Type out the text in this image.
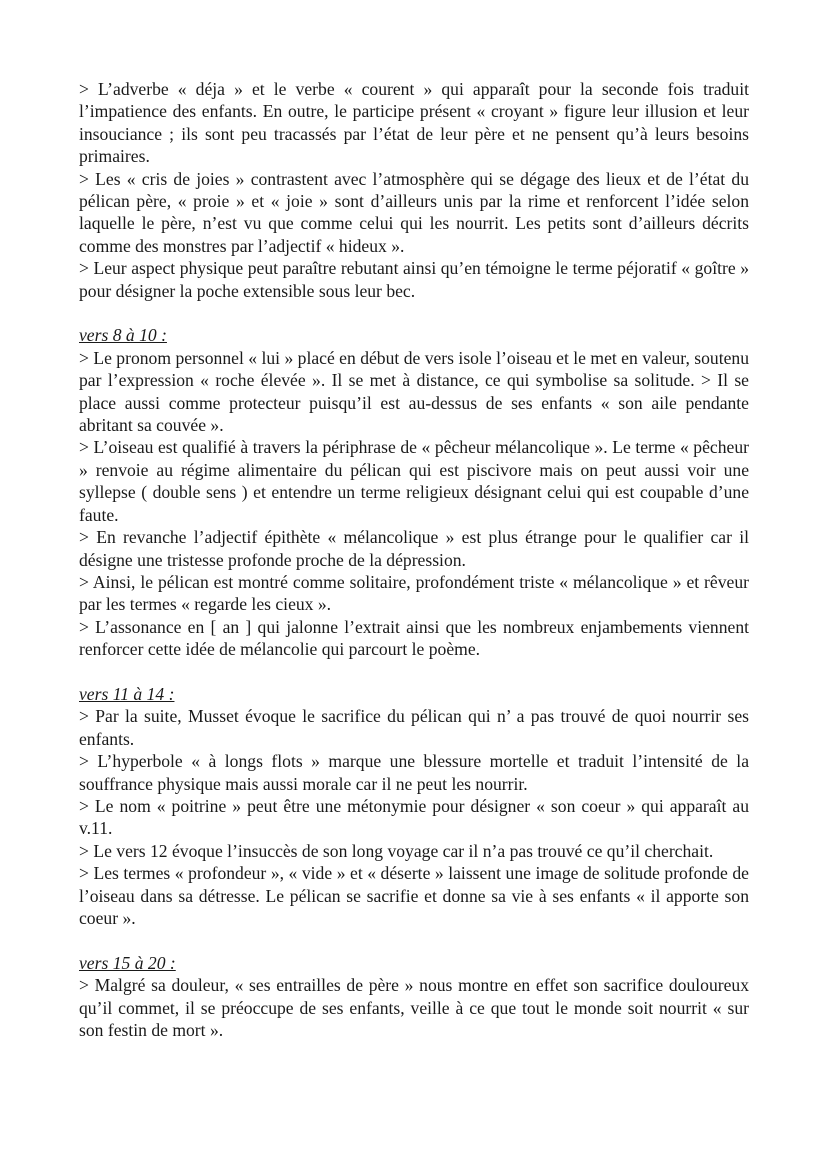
> L’adverbe « déja » et le verbe « courent » qui apparaît pour la seconde fois traduit l’impatience des enfants. En outre, le participe présent « croyant » figure leur illusion et leur insouciance ; ils sont peu tracassés par l’état de leur père et ne pensent qu’à leurs besoins primaires.

> Les « cris de joies » contrastent avec l’atmosphère qui se dégage des lieux et de l’état du pélican père, « proie » et « joie » sont d’ailleurs unis par la rime et renforcent l’idée selon laquelle le père, n’est vu que comme celui qui les nourrit. Les petits sont d’ailleurs décrits comme des monstres par l’adjectif « hideux ».

> Leur aspect physique peut paraître rebutant ainsi qu’en témoigne le terme péjoratif « goître » pour désigner la poche extensible sous leur bec.

vers 8 à 10 :

> Le pronom personnel « lui » placé en début de vers isole l’oiseau et le met en valeur, soutenu par l’expression « roche élevée ». Il se met à distance, ce qui symbolise sa solitude. > Il se place aussi comme protecteur puisqu’il est au-dessus de ses enfants « son aile pendante abritant sa couvée ».

> L’oiseau est qualifié à travers la périphrase de « pêcheur mélancolique ». Le terme « pêcheur » renvoie au régime alimentaire du pélican qui est piscivore mais on peut aussi voir une syllepse ( double sens ) et entendre un terme religieux désignant celui qui est coupable d’une faute.

> En revanche l’adjectif épithète « mélancolique » est plus étrange pour le qualifier car il désigne une tristesse profonde proche de la dépression.

> Ainsi, le pélican est montré comme solitaire, profondément triste « mélancolique » et rêveur par les termes « regarde les cieux ».

> L’assonance en [ an ] qui jalonne l’extrait ainsi que les nombreux enjambements viennent renforcer cette idée de mélancolie qui parcourt le poème.

vers 11 à 14 :

> Par la suite, Musset évoque le sacrifice du pélican qui n’ a pas trouvé de quoi nourrir ses enfants.

> L’hyperbole « à longs flots » marque une blessure mortelle et traduit l’intensité de la souffrance physique mais aussi morale car il ne peut les nourrir.

> Le nom « poitrine » peut être une métonymie pour désigner « son coeur » qui apparaît au v.11.

> Le vers 12 évoque l’insuccès de son long voyage car il n’a pas trouvé ce qu’il cherchait.

> Les termes « profondeur », « vide » et « déserte » laissent une image de solitude profonde de l’oiseau dans sa détresse. Le pélican se sacrifie et donne sa vie à ses enfants « il apporte son coeur ».

vers 15 à 20 :

> Malgré sa douleur, « ses entrailles de père » nous montre en effet son sacrifice douloureux qu’il commet, il se préoccupe de ses enfants, veille à ce que tout le monde soit nourrit « sur son festin de mort ».
